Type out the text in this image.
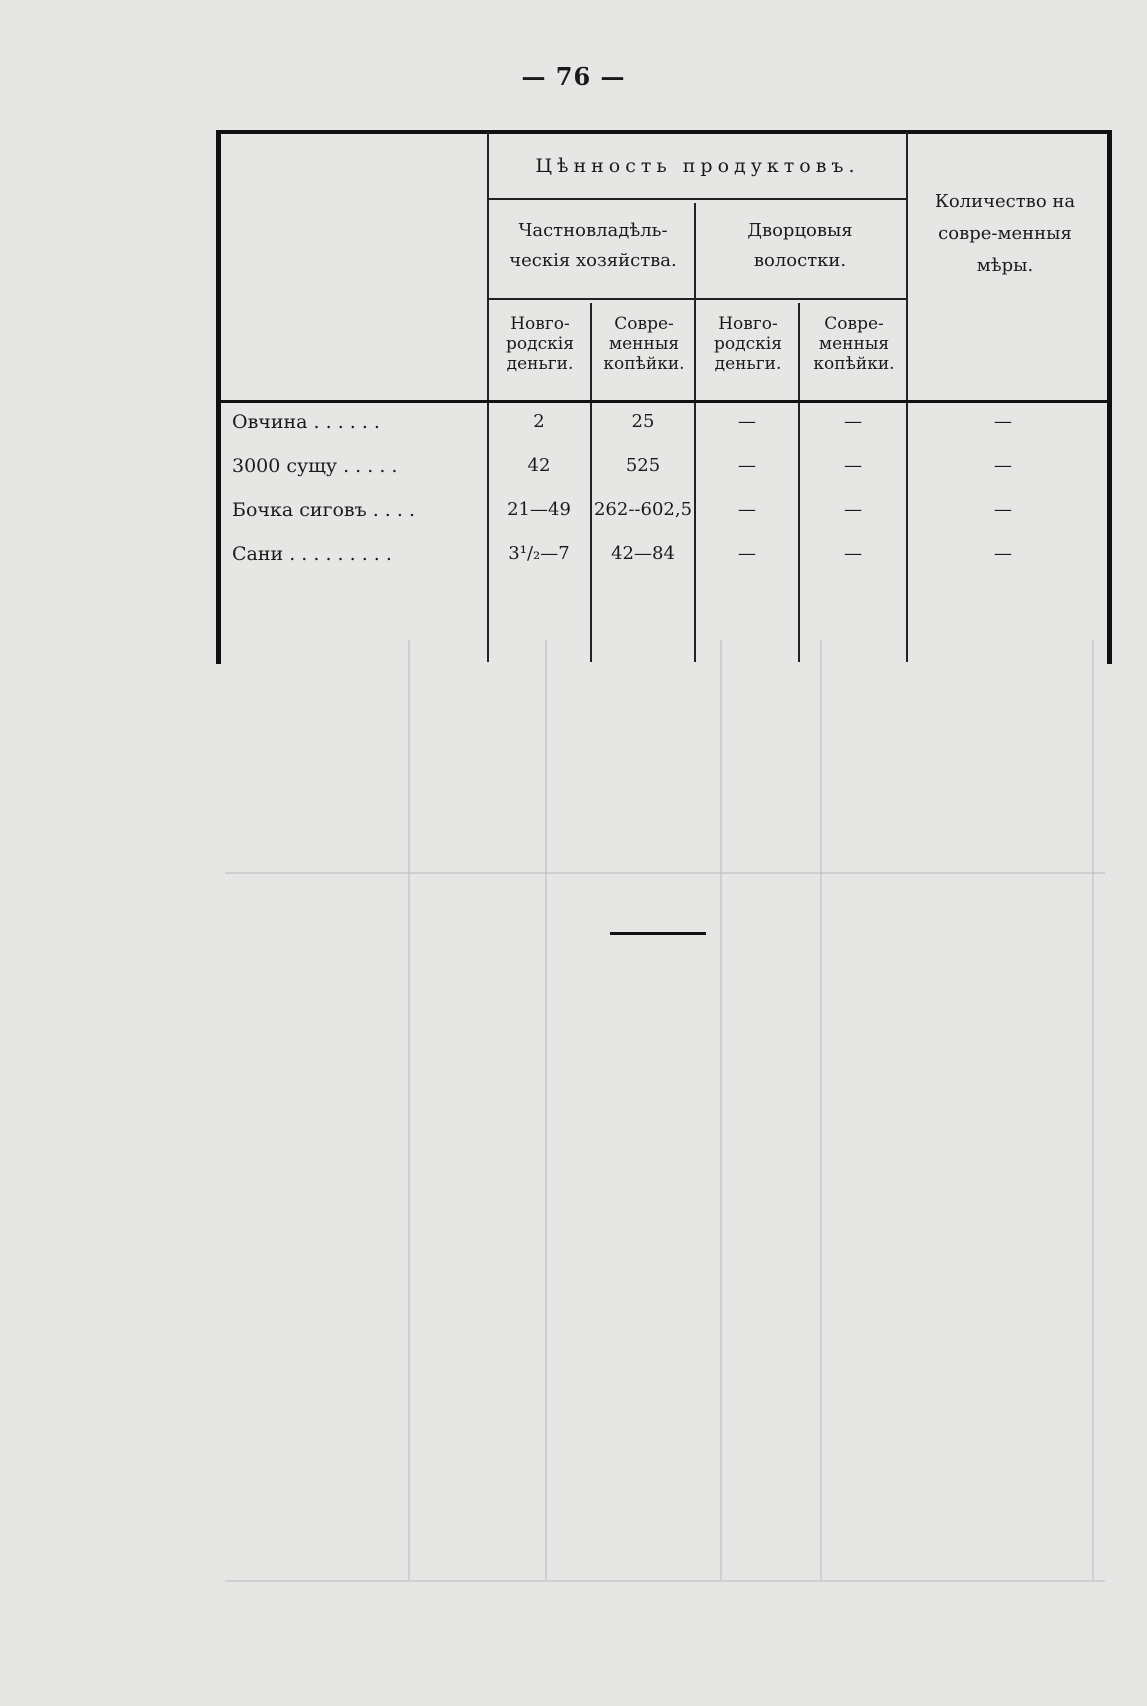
— 76 —
Цѣнность продуктовъ.
Частновладѣль-ческія хозяйства.
Дворцовыя волостки.
Количество на совре-менныя мѣры.
Новго-родскія деньги.
Совре-менныя копѣйки.
Новго-родскія деньги.
Совре-менныя копѣйки.
Овчина . . . . . .	2	25	—	—	—
3000 сущу . . . . .	42	525	—	—	—
Бочка сиговъ . . . .	21—49	262--602,5	—	—	—
Сани . . . . . . . . .	3¹/₂—7	42—84	—	—	—
